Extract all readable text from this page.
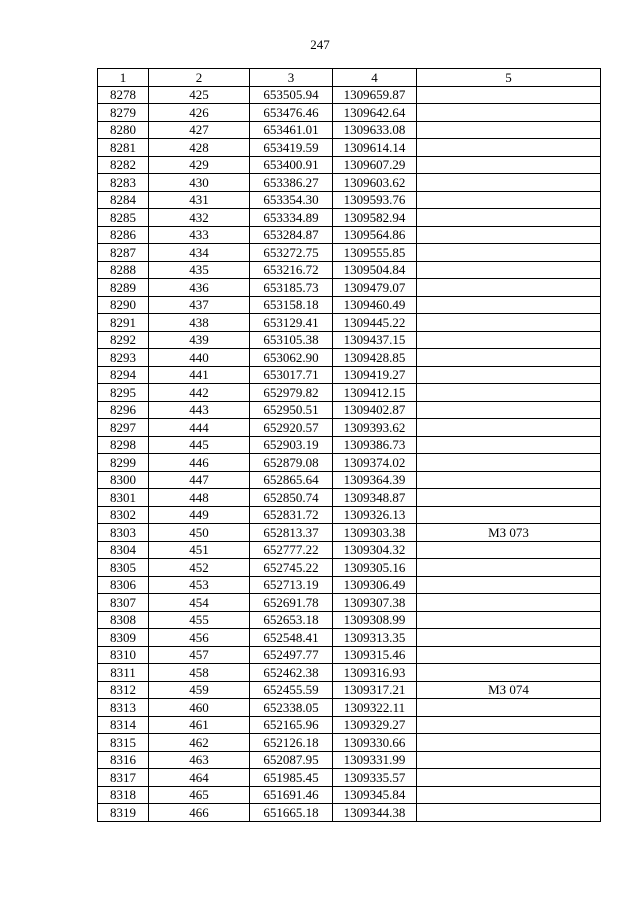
247
1	2	3	4	5
8278	425	653505.94	1309659.87	
8279	426	653476.46	1309642.64	
8280	427	653461.01	1309633.08	
8281	428	653419.59	1309614.14	
8282	429	653400.91	1309607.29	
8283	430	653386.27	1309603.62	
8284	431	653354.30	1309593.76	
8285	432	653334.89	1309582.94	
8286	433	653284.87	1309564.86	
8287	434	653272.75	1309555.85	
8288	435	653216.72	1309504.84	
8289	436	653185.73	1309479.07	
8290	437	653158.18	1309460.49	
8291	438	653129.41	1309445.22	
8292	439	653105.38	1309437.15	
8293	440	653062.90	1309428.85	
8294	441	653017.71	1309419.27	
8295	442	652979.82	1309412.15	
8296	443	652950.51	1309402.87	
8297	444	652920.57	1309393.62	
8298	445	652903.19	1309386.73	
8299	446	652879.08	1309374.02	
8300	447	652865.64	1309364.39	
8301	448	652850.74	1309348.87	
8302	449	652831.72	1309326.13	
8303	450	652813.37	1309303.38	МЗ 073
8304	451	652777.22	1309304.32	
8305	452	652745.22	1309305.16	
8306	453	652713.19	1309306.49	
8307	454	652691.78	1309307.38	
8308	455	652653.18	1309308.99	
8309	456	652548.41	1309313.35	
8310	457	652497.77	1309315.46	
8311	458	652462.38	1309316.93	
8312	459	652455.59	1309317.21	МЗ 074
8313	460	652338.05	1309322.11	
8314	461	652165.96	1309329.27	
8315	462	652126.18	1309330.66	
8316	463	652087.95	1309331.99	
8317	464	651985.45	1309335.57	
8318	465	651691.46	1309345.84	
8319	466	651665.18	1309344.38	
